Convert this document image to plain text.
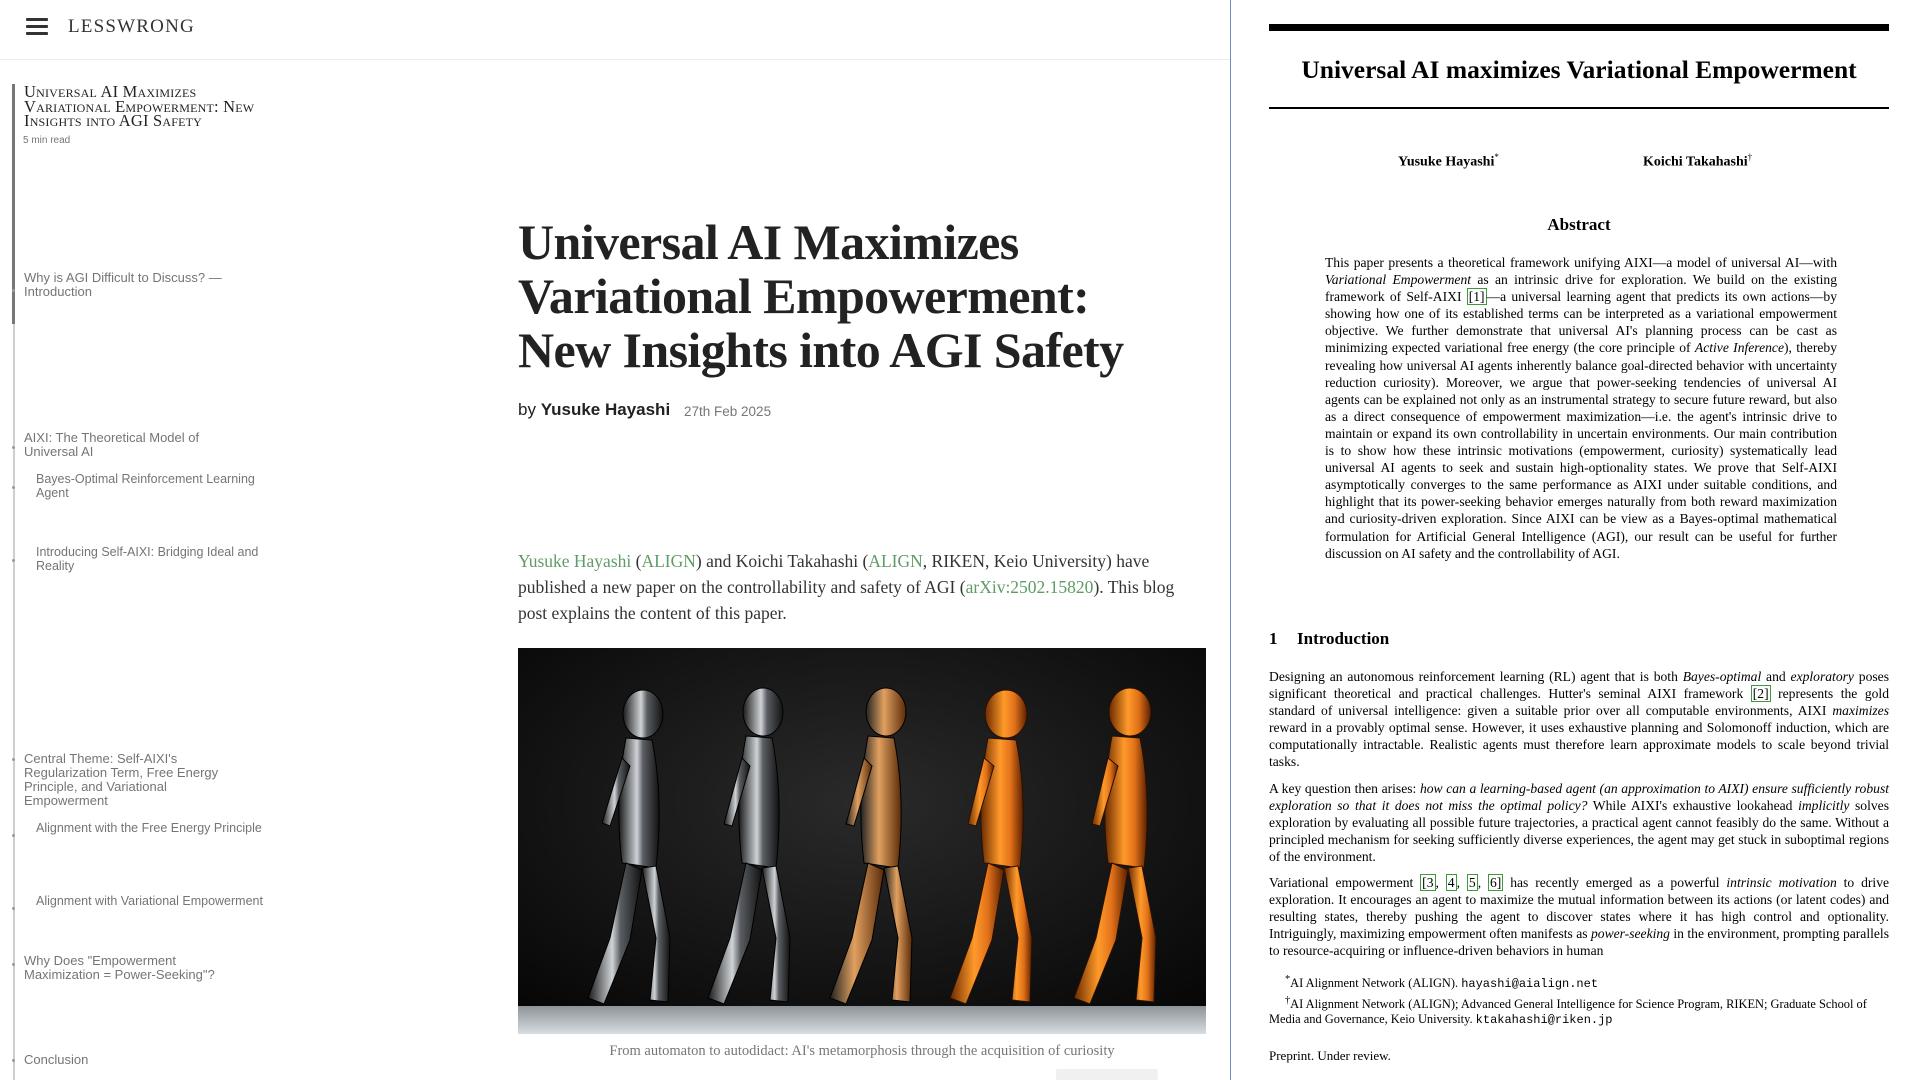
LESSWRONG
Universal AI Maximizes Variational Empowerment: New Insights into AGI Safety
5 min read
Why is AGI Difficult to Discuss? —Introduction
AIXI: The Theoretical Model of Universal AI
Bayes-Optimal Reinforcement Learning Agent
Introducing Self-AIXI: Bridging Ideal and Reality
Central Theme: Self-AIXI's Regularization Term, Free Energy Principle, and Variational Empowerment
Alignment with the Free Energy Principle
Alignment with Variational Empowerment
Why Does "Empowerment Maximization = Power-Seeking"?
Conclusion
Universal AI Maximizes Variational Empowerment: New Insights into AGI Safety
by Yusuke Hayashi 27th Feb 2025

Yusuke Hayashi (ALIGN) and Koichi Takahashi (ALIGN, RIKEN, Keio University) have published a new paper on the controllability and safety of AGI (arXiv:2502.15820). This blog post explains the content of this paper.

From automaton to autodidact: AI's metamorphosis through the acquisition of curiosity
Universal AI maximizes Variational Empowerment
Yusuke Hayashi*	Koichi Takahashi†
Abstract

This paper presents a theoretical framework unifying AIXI—a model of universal AI—with Variational Empowerment as an intrinsic drive for exploration. We build on the existing framework of Self-AIXI [1] —a universal learning agent that predicts its own actions—by showing how one of its established terms can be interpreted as a variational empowerment objective. We further demonstrate that universal AI's planning process can be cast as minimizing expected variational free energy (the core principle of Active Inference), thereby revealing how universal AI agents inherently balance goal-directed behavior with uncertainty reduction curiosity). Moreover, we argue that power-seeking tendencies of universal AI agents can be explained not only as an instrumental strategy to secure future reward, but also as a direct consequence of empowerment maximization—i.e. the agent's intrinsic drive to maintain or expand its own controllability in uncertain environments. Our main contribution is to show how these intrinsic motivations (empowerment, curiosity) systematically lead universal AI agents to seek and sustain high-optionality states. We prove that Self-AIXI asymptotically converges to the same performance as AIXI under suitable conditions, and highlight that its power-seeking behavior emerges naturally from both reward maximization and curiosity-driven exploration. Since AIXI can be view as a Bayes-optimal mathematical formulation for Artificial General Intelligence (AGI), our result can be useful for further discussion on AI safety and the controllability of AGI.

1 Introduction

Designing an autonomous reinforcement learning (RL) agent that is both Bayes-optimal and exploratory poses significant theoretical and practical challenges. Hutter's seminal AIXI framework [2] represents the gold standard of universal intelligence: given a suitable prior over all computable environments, AIXI maximizes reward in a provably optimal sense. However, it uses exhaustive planning and Solomonoff induction, which are computationally intractable. Realistic agents must therefore learn approximate models to scale beyond trivial tasks.

A key question then arises: how can a learning-based agent (an approximation to AIXI) ensure sufficiently robust exploration so that it does not miss the optimal policy? While AIXI's exhaustive lookahead implicitly solves exploration by evaluating all possible future trajectories, a practical agent cannot feasibly do the same. Without a principled mechanism for seeking sufficiently diverse experiences, the agent may get stuck in suboptimal regions of the environment.

Variational empowerment [3 , 4 , 5 , 6] has recently emerged as a powerful intrinsic motivation to drive exploration. It encourages an agent to maximize the mutual information between its actions (or latent codes) and resulting states, thereby pushing the agent to discover states where it has high control and optionality. Intriguingly, maximizing empowerment often manifests as power-seeking in the environment, prompting parallels to resource-acquiring or influence-driven behaviors in human

*AI Alignment Network (ALIGN). hayashi@aialign.net
†AI Alignment Network (ALIGN); Advanced General Intelligence for Science Program, RIKEN; Graduate School of Media and Governance, Keio University. ktakahashi@riken.jp
Preprint. Under review.
